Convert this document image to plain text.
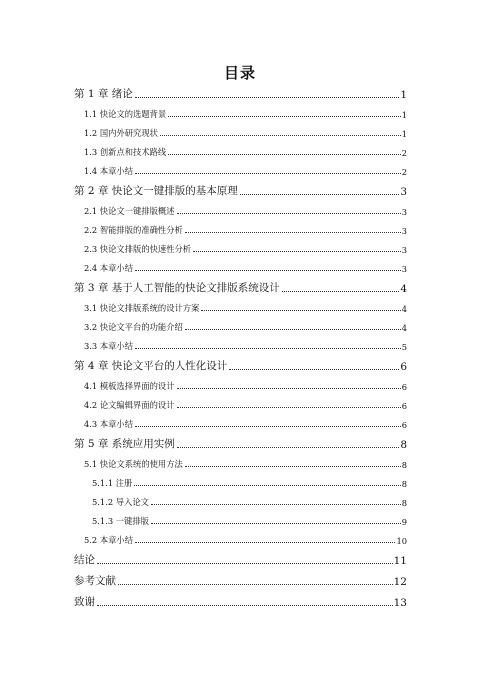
目录
第 1 章 绪论	1
1.1 快论文的选题背景	1
1.2 国内外研究现状	1
1.3 创新点和技术路线	2
1.4 本章小结	2
第 2 章 快论文一键排版的基本原理	3
2.1 快论文一键排版概述	3
2.2 智能排版的准确性分析	3
2.3 快论文排版的快速性分析	3
2.4 本章小结	3
第 3 章 基于人工智能的快论文排版系统设计	4
3.1 快论文排版系统的设计方案	4
3.2 快论文平台的功能介绍	4
3.3 本章小结	5
第 4 章 快论文平台的人性化设计	6
4.1 模板选择界面的设计	6
4.2 论文编辑界面的设计	6
4.3 本章小结	6
第 5 章 系统应用实例	8
5.1 快论文系统的使用方法	8
5.1.1 注册	8
5.1.2 导入论文	8
5.1.3 一键排版	9
5.2 本章小结	10
结论	11
参考文献	12
致谢	13
